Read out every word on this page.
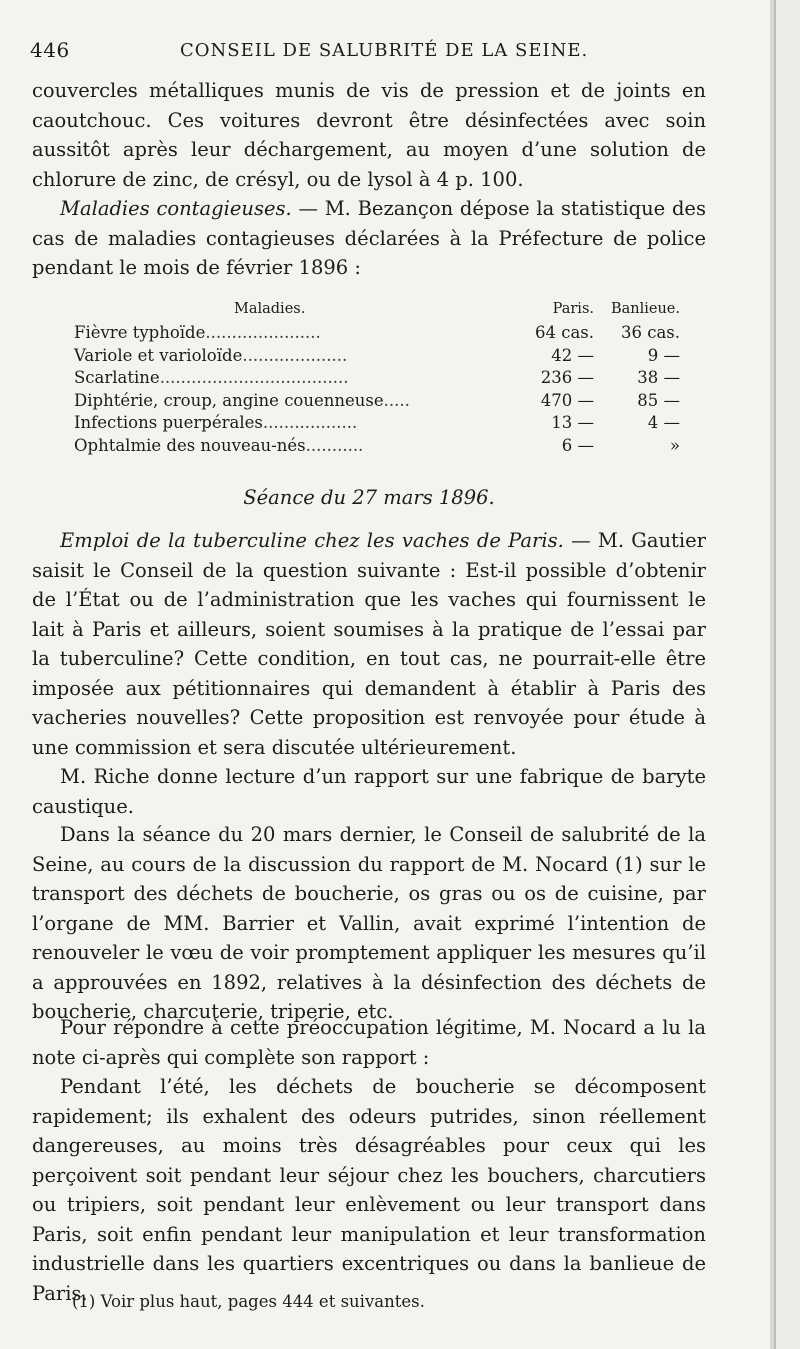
446	CONSEIL DE SALUBRITÉ DE LA SEINE.

couvercles métalliques munis de vis de pression et de joints en caoutchouc. Ces voitures devront être désinfectées avec soin aussitôt après leur déchargement, au moyen d’une solution de chlorure de zinc, de crésyl, ou de lysol à 4 p. 100.

Maladies contagieuses. — M. Bezançon dépose la statistique des cas de maladies contagieuses déclarées à la Préfecture de police pendant le mois de février 1896 :

Maladies.	Paris.	Banlieue.
Fièvre typhoïde......................	64 cas.	36 cas.
Variole et varioloïde....................	42 —	9 —
Scarlatine....................................	236 —	38 —
Diphtérie, croup, angine couenneuse.....	470 —	85 —
Infections puerpérales..................	13 —	4 —
Ophtalmie des nouveau-nés...........	6 —	»
Séance du 27 mars 1896.

Emploi de la tuberculine chez les vaches de Paris. — M. Gautier saisit le Conseil de la question suivante : Est-il possible d’obtenir de l’État ou de l’administration que les vaches qui fournissent le lait à Paris et ailleurs, soient soumises à la pratique de l’essai par la tuberculine? Cette condition, en tout cas, ne pourrait-elle être imposée aux pétitionnaires qui demandent à établir à Paris des vacheries nouvelles? Cette proposition est renvoyée pour étude à une commission et sera discutée ultérieurement.

M. Riche donne lecture d’un rapport sur une fabrique de baryte caustique.

Dans la séance du 20 mars dernier, le Conseil de salubrité de la Seine, au cours de la discussion du rapport de M. Nocard (1) sur le transport des déchets de boucherie, os gras ou os de cuisine, par l’organe de MM. Barrier et Vallin, avait exprimé l’intention de renouveler le vœu de voir promptement appliquer les mesures qu’il a approuvées en 1892, relatives à la désinfection des déchets de boucherie, charcuterie, triperie, etc.

Pour répondre à cette préoccupation légitime, M. Nocard a lu la note ci-après qui complète son rapport :

Pendant l’été, les déchets de boucherie se décomposent rapidement; ils exhalent des odeurs putrides, sinon réellement dangereuses, au moins très désagréables pour ceux qui les perçoivent soit pendant leur séjour chez les bouchers, charcutiers ou tripiers, soit pendant leur enlèvement ou leur transport dans Paris, soit enfin pendant leur manipulation et leur transformation industrielle dans les quartiers excentriques ou dans la banlieue de Paris.

(1) Voir plus haut, pages 444 et suivantes.
